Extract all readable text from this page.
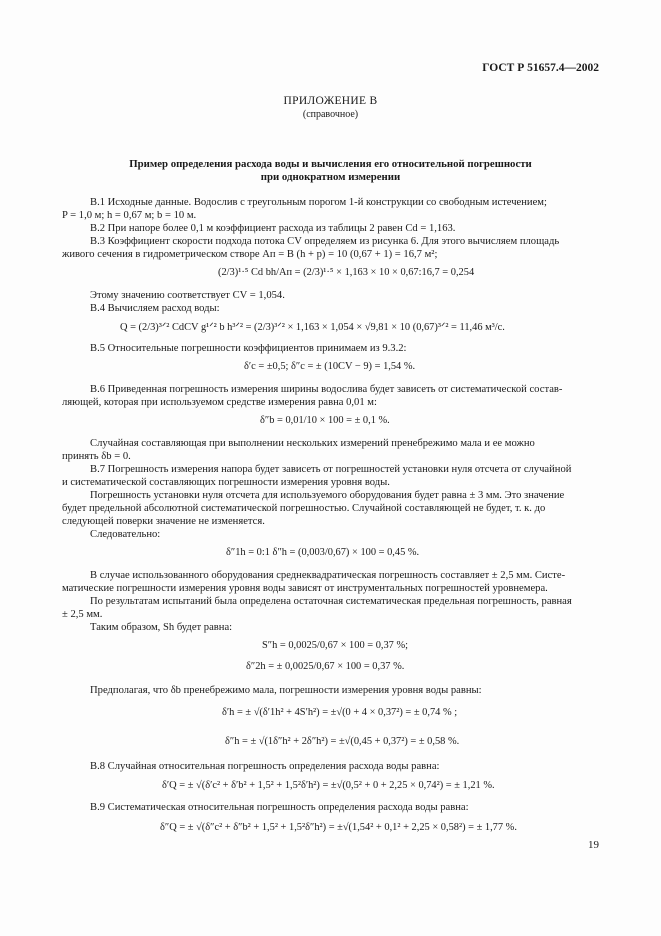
ГОСТ Р 51657.4—2002
ПРИЛОЖЕНИЕ В
(справочное)
Пример определения расхода воды и вычисления его относительной погрешности
при однократном измерении
В.1 Исходные данные. Водослив с треугольным порогом 1-й конструкции со свободным истечением;
P = 1,0 м; h = 0,67 м; b = 10 м.
В.2 При напоре более 0,1 м коэффициент расхода из таблицы 2 равен Cd = 1,163.
В.3 Коэффициент скорости подхода потока CV определяем из рисунка 6. Для этого вычисляем площадь
живого сечения в гидрометрическом створе Aп = B (h + p) = 10 (0,67 + 1) = 16,7 м²;
(2/3)¹·⁵ Cd bh/Aп = (2/3)¹·⁵ × 1,163 × 10 × 0,67:16,7 = 0,254
Этому значению соответствует CV = 1,054.
В.4 Вычисляем расход воды:
Q = (2/3)³ᐟ² CdCV g¹ᐟ² b h³ᐟ² = (2/3)³ᐟ² × 1,163 × 1,054 × √9,81 × 10 (0,67)³ᐟ² = 11,46 м³/с.
В.5 Относительные погрешности коэффициентов принимаем из 9.3.2:
δ′c = ±0,5; δ″c = ± (10CV − 9) = 1,54 %.
В.6 Приведенная погрешность измерения ширины водослива будет зависеть от систематической состав-
ляющей, которая при используемом средстве измерения равна 0,01 м:
δ″b = 0,01/10 × 100 = ± 0,1 %.
Случайная составляющая при выполнении нескольких измерений пренебрежимо мала и ее можно
принять δb = 0.
В.7 Погрешность измерения напора будет зависеть от погрешностей установки нуля отсчета от случайной
и систематической составляющих погрешности измерения уровня воды.
Погрешность установки нуля отсчета для используемого оборудования будет равна ± 3 мм. Это значение
будет предельной абсолютной систематической погрешностью. Случайной составляющей не будет, т. к. до
следующей поверки значение не изменяется.
Следовательно:
δ″1h = 0:1 δ″h = (0,003/0,67) × 100 = 0,45 %.
В случае использованного оборудования среднеквадратическая погрешность составляет ± 2,5 мм. Систе-
матические погрешности измерения уровня воды зависят от инструментальных погрешностей уровнемера.
По результатам испытаний была определена остаточная систематическая предельная погрешность, равная
± 2,5 мм.
Таким образом, Sh будет равна:
S″h = 0,0025/0,67 × 100 = 0,37 %;
δ″2h = ± 0,0025/0,67 × 100 = 0,37 %.
Предполагая, что δb пренебрежимо мала, погрешности измерения уровня воды равны:
δ′h = ± √(δ′1h² + 4S′h²) = ±√(0 + 4 × 0,37²) = ± 0,74 % ;
δ″h = ± √(1δ″h² + 2δ″h²) = ±√(0,45 + 0,37²) = ± 0,58 %.
В.8 Случайная относительная погрешность определения расхода воды равна:
δ′Q = ± √(δ′c² + δ′b² + 1,5² + 1,5²δ′h²) = ±√(0,5² + 0 + 2,25 × 0,74²) = ± 1,21 %.
В.9 Систематическая относительная погрешность определения расхода воды равна:
δ″Q = ± √(δ″c² + δ″b² + 1,5² + 1,5²δ″h²) = ±√(1,54² + 0,1² + 2,25 × 0,58²) = ± 1,77 %.
19
